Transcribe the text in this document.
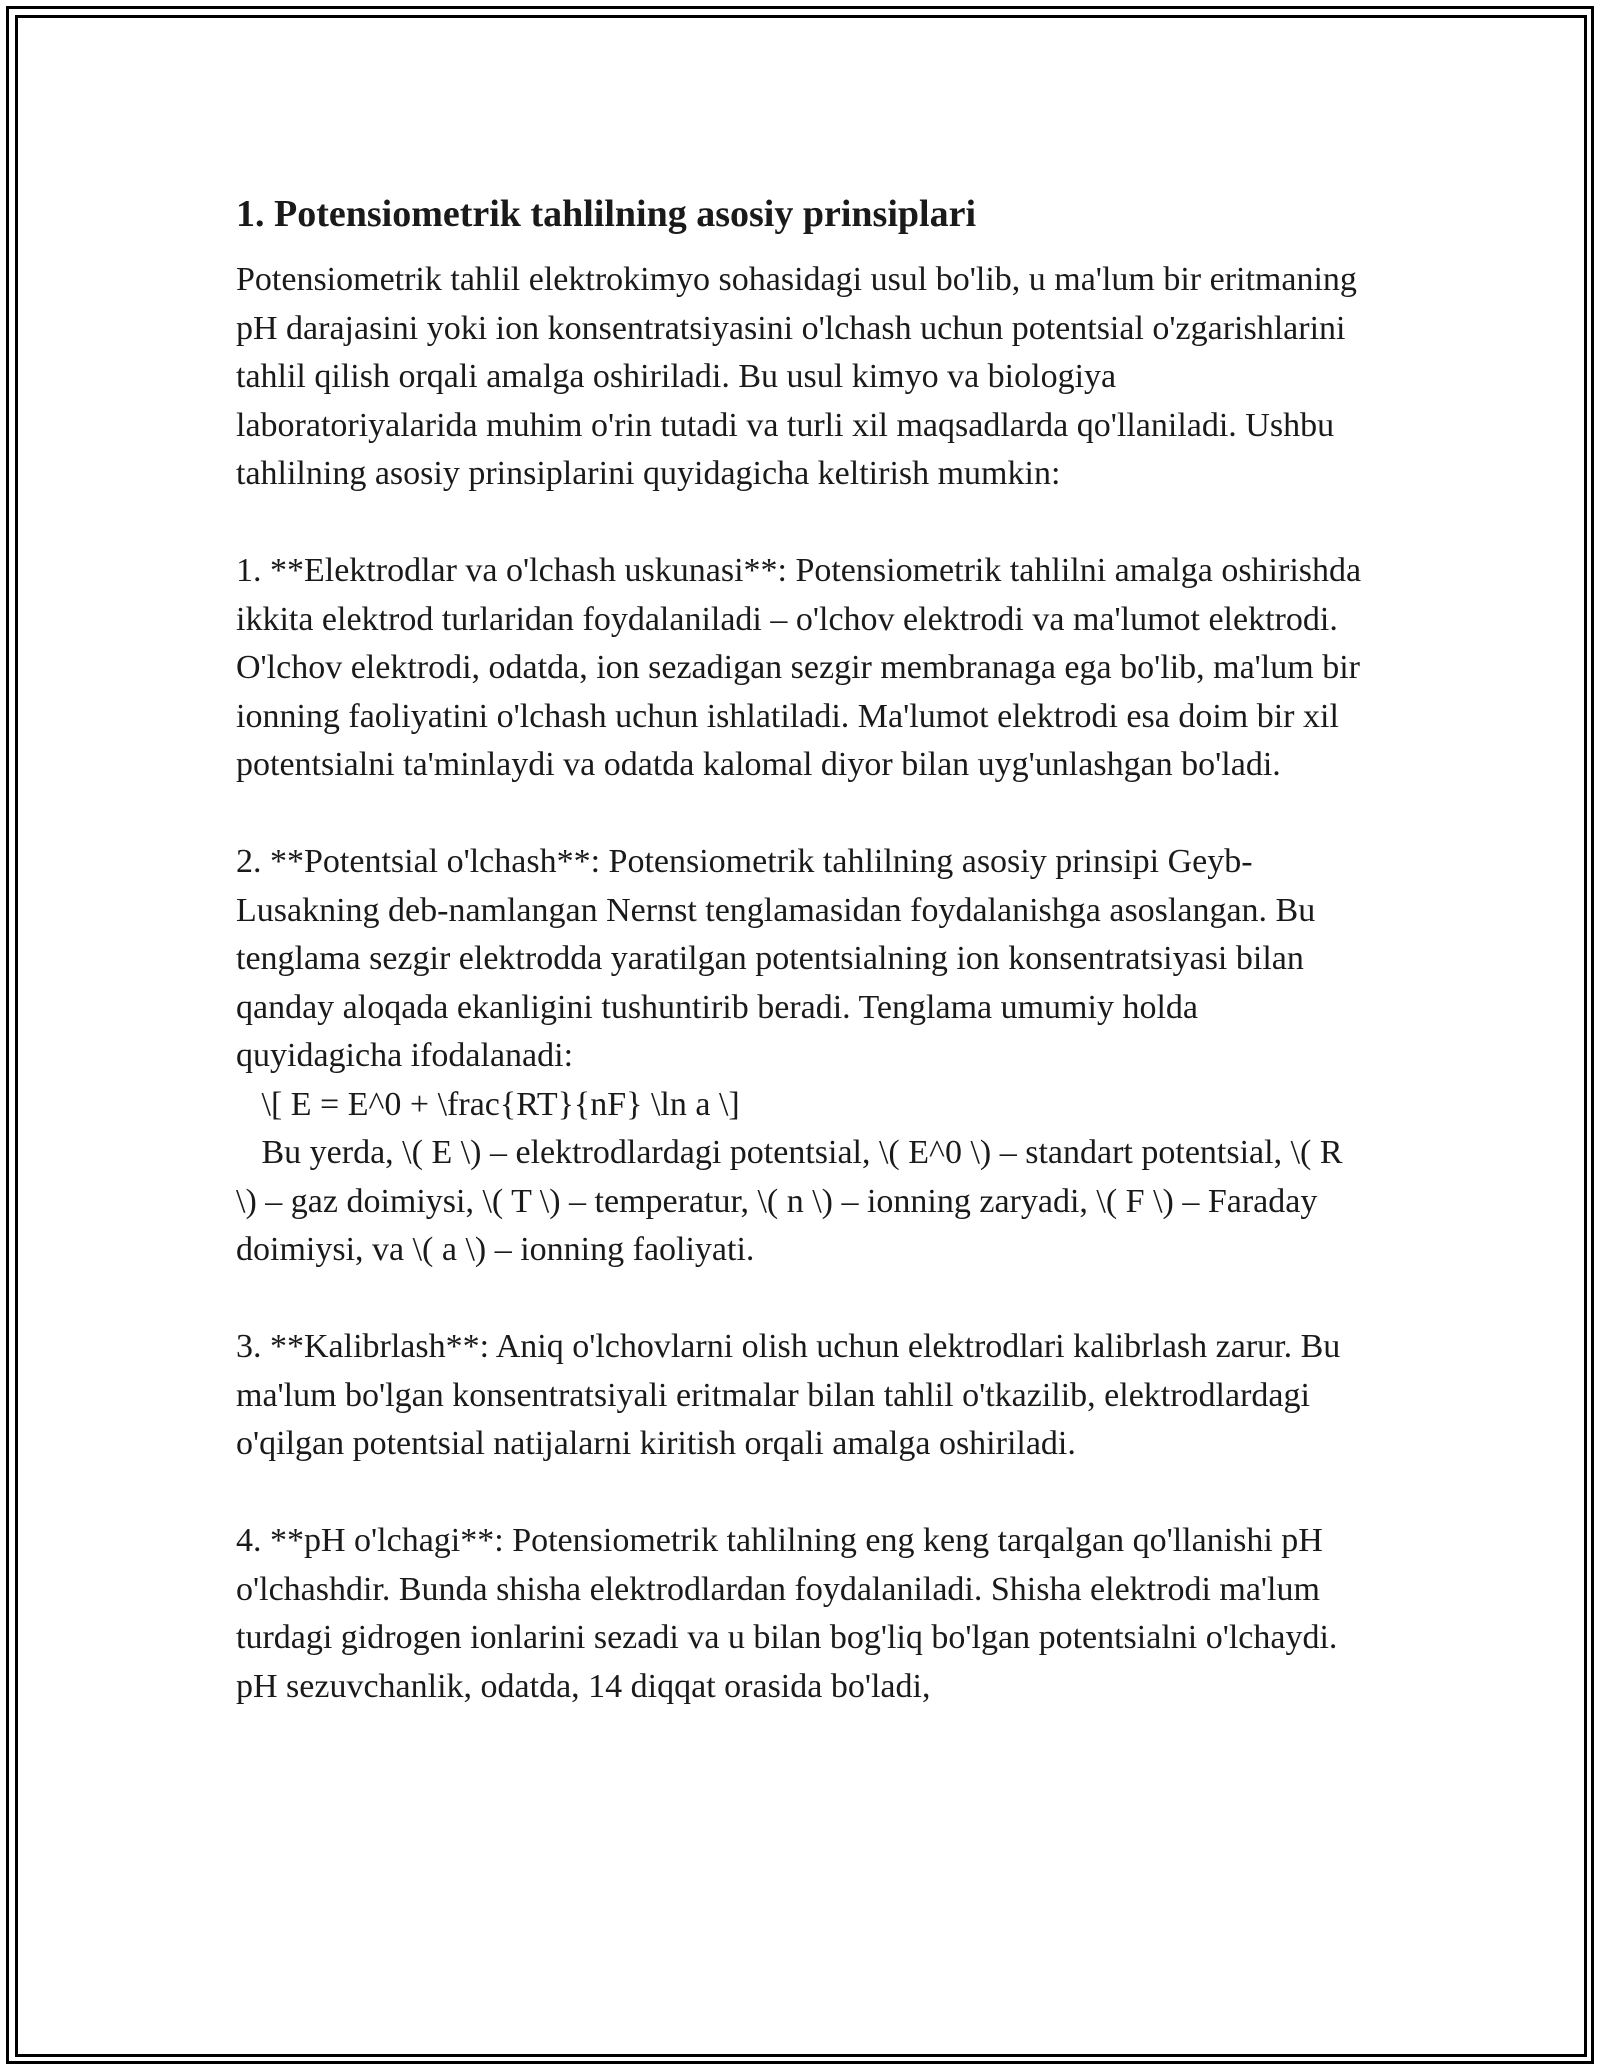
1. Potensiometrik tahlilning asosiy prinsiplari

Potensiometrik tahlil elektrokimyo sohasidagi usul bo'lib, u ma'lum bir eritmaning pH darajasini yoki ion konsentratsiyasini o'lchash uchun potentsial o'zgarishlarini tahlil qilish orqali amalga oshiriladi. Bu usul kimyo va biologiya laboratoriyalarida muhim o'rin tutadi va turli xil maqsadlarda qo'llaniladi. Ushbu tahlilning asosiy prinsiplarini quyidagicha keltirish mumkin:

1. **Elektrodlar va o'lchash uskunasi**: Potensiometrik tahlilni amalga oshirishda ikkita elektrod turlaridan foydalaniladi – o'lchov elektrodi va ma'lumot elektrodi. O'lchov elektrodi, odatda, ion sezadigan sezgir membranaga ega bo'lib, ma'lum bir ionning faoliyatini o'lchash uchun ishlatiladi. Ma'lumot elektrodi esa doim bir xil potentsialni ta'minlaydi va odatda kalomal diyor bilan uyg'unlashgan bo'ladi.

2. **Potentsial o'lchash**: Potensiometrik tahlilning asosiy prinsipi Geyb-Lusakning deb-namlangan Nernst tenglamasidan foydalanishga asoslangan. Bu tenglama sezgir elektrodda yaratilgan potentsialning ion konsentratsiyasi bilan qanday aloqada ekanligini tushuntirib beradi. Tenglama umumiy holda quyidagicha ifodalanadi:
\[ E = E^0 + \frac{RT}{nF} \ln a \]
Bu yerda, \( E \) – elektrodlardagi potentsial, \( E^0 \) – standart potentsial, \( R \) – gaz doimiysi, \( T \) – temperatur, \( n \) – ionning zaryadi, \( F \) – Faraday doimiysi, va \( a \) – ionning faoliyati.

3. **Kalibrlash**: Aniq o'lchovlarni olish uchun elektrodlari kalibrlash zarur. Bu ma'lum bo'lgan konsentratsiyali eritmalar bilan tahlil o'tkazilib, elektrodlardagi o'qilgan potentsial natijalarni kiritish orqali amalga oshiriladi.

4. **pH o'lchagi**: Potensiometrik tahlilning eng keng tarqalgan qo'llanishi pH o'lchashdir. Bunda shisha elektrodlardan foydalaniladi. Shisha elektrodi ma'lum turdagi gidrogen ionlarini sezadi va u bilan bog'liq bo'lgan potentsialni o'lchaydi. pH sezuvchanlik, odatda, 14 diqqat orasida bo'ladi,
